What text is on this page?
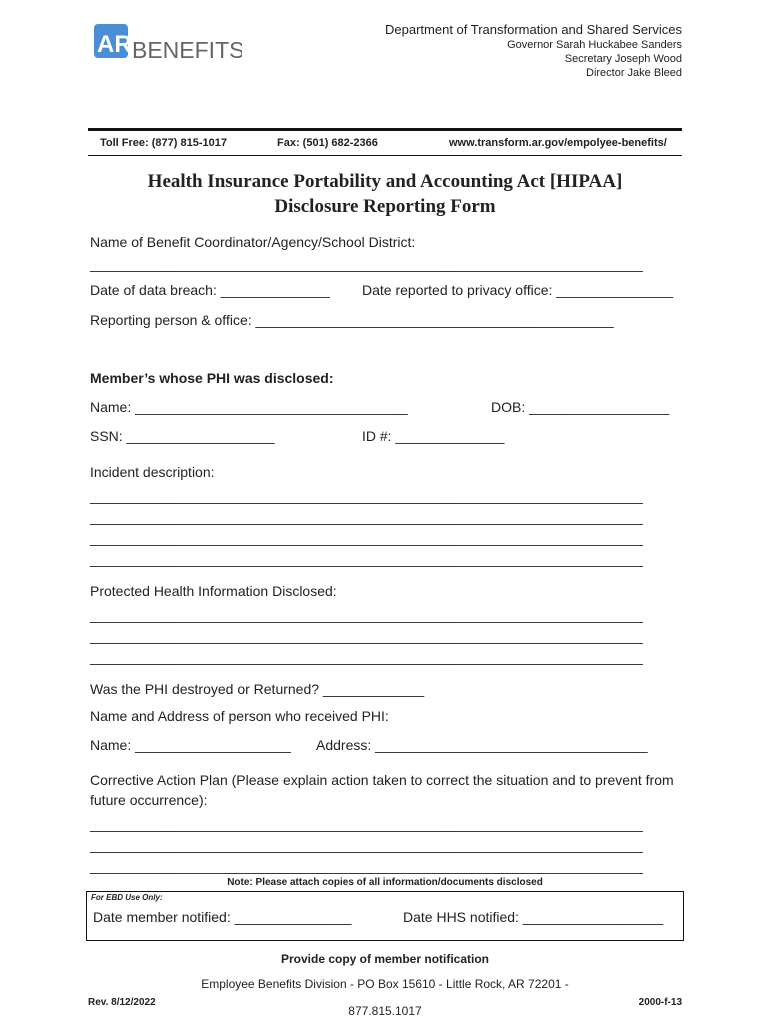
AR BENEFITS
Department of Transformation and Shared Services
Governor Sarah Huckabee Sanders
Secretary Joseph Wood
Director Jake Bleed
Toll Free: (877) 815-1017	Fax: (501) 682-2366	www.transform.ar.gov/empolyee-benefits/
Health Insurance Portability and Accounting Act [HIPAA]
Disclosure Reporting Form
Name of Benefit Coordinator/Agency/School District:
_______________________________________________________________________
Date of data breach: ______________ Date reported to privacy office: _______________
Reporting person & office: ______________________________________________
Member’s whose PHI was disclosed:
Name: ___________________________________	DOB: __________________
SSN: ___________________	ID #: ______________
Incident description:
_______________________________________________________________________
_______________________________________________________________________
_______________________________________________________________________
_______________________________________________________________________
Protected Health Information Disclosed:
_______________________________________________________________________
_______________________________________________________________________
_______________________________________________________________________
Was the PHI destroyed or Returned? _____________
Name and Address of person who received PHI:
Name: ____________________ Address: ___________________________________
Corrective Action Plan (Please explain action taken to correct the situation and to prevent from
future occurrence):
_______________________________________________________________________
_______________________________________________________________________
_______________________________________________________________________
Note: Please attach copies of all information/documents disclosed
For EBD Use Only:
Date member notified: _______________	Date HHS notified: __________________
Provide copy of member notification
Employee Benefits Division - PO Box 15610 - Little Rock, AR 72201 -
Rev. 8/12/2022
877.815.1017
2000-f-13
